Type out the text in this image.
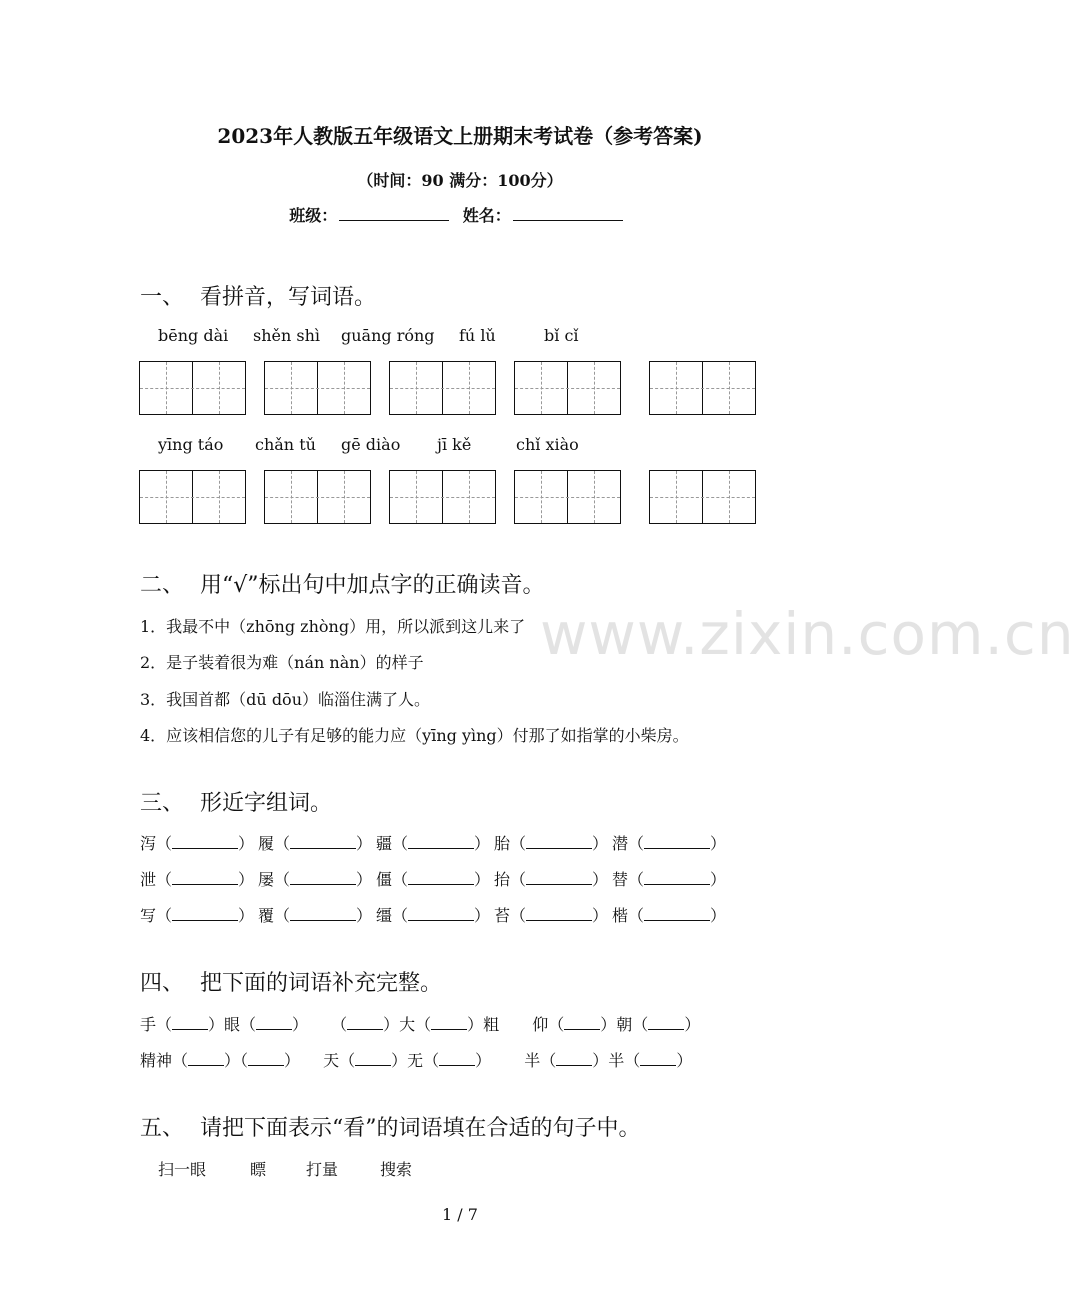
www.zixin.com.cn
2023年人教版五年级语文上册期末考试卷（参考答案)
（时间：90 满分：100分）
班级：	姓名：
一、 看拼音，写词语。
bēng dài shěn shì guāng róng fú lǔ	bǐ cǐ
yīng táo chǎn tǔ gē diào jī kě	chǐ xiào
二、 用“√”标出句中加点字的正确读音。
1．我最不中（zhōng zhòng）用，所以派到这儿来了
2．是子装着很为难（nán nàn）的样子
3．我国首都（dū dōu）临淄住满了人。
4．应该相信您的儿子有足够的能力应（yīng yìng）付那了如指掌的小柴房。
三、 形近字组词。
泻（	） 履（	） 疆（	） 胎（	） 潜（	）
泄（	） 屡（	） 僵（	） 抬（	） 替（	）
写（	） 覆（	） 缰（	） 苔（	） 楷（	）
四、 把下面的词语补充完整。
手（ ）眼（ ） （ ）大（ ）粗 仰（ ）朝（ ）
精神（ ）（ ） 天（ ）无（ ） 半（ ）半（ ）
五、 请把下面表示“看”的词语填在合适的句子中。
扫一眼	瞟 打量	搜索
1 / 7
